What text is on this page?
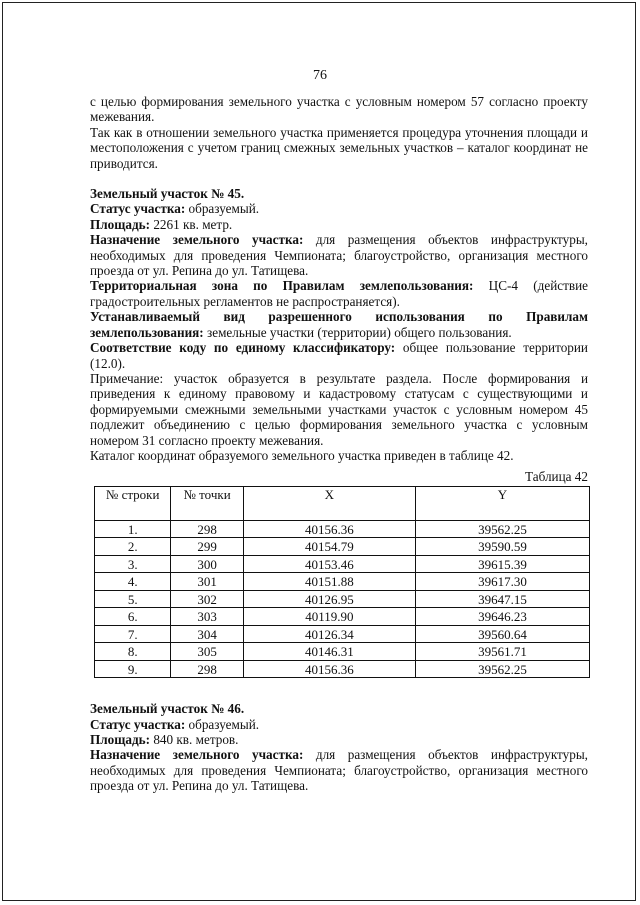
76

с целью формирования земельного участка с условным номером 57 согласно проекту межевания.

Так как в отношении земельного участка применяется процедура уточнения площади и местоположения с учетом границ смежных земельных участков – каталог координат не приводится.

Земельный участок № 45.

Статус участка: образуемый.

Площадь: 2261 кв. метр.

Назначение земельного участка: для размещения объектов инфраструктуры, необходимых для проведения Чемпионата; благоустройство, организация местного проезда от ул. Репина до ул. Татищева.

Территориальная зона по Правилам землепользования: ЦС-4 (действие градостроительных регламентов не распространяется).

Устанавливаемый вид разрешенного использования по Правилам землепользования: земельные участки (территории) общего пользования.

Соответствие коду по единому классификатору: общее пользование территории (12.0).

Примечание: участок образуется в результате раздела. После формирования и приведения к единому правовому и кадастровому статусам с существующими и формируемыми смежными земельными участками участок с условным номером 45 подлежит объединению с целью формирования земельного участка с условным номером 31 согласно проекту межевания.

Каталог координат образуемого земельного участка приведен в таблице 42.

Таблица 42

№ строки	№ точки	X	Y
1.	298	40156.36	39562.25
2.	299	40154.79	39590.59
3.	300	40153.46	39615.39
4.	301	40151.88	39617.30
5.	302	40126.95	39647.15
6.	303	40119.90	39646.23
7.	304	40126.34	39560.64
8.	305	40146.31	39561.71
9.	298	40156.36	39562.25

Земельный участок № 46.

Статус участка: образуемый.

Площадь: 840 кв. метров.

Назначение земельного участка: для размещения объектов инфраструктуры, необходимых для проведения Чемпионата; благоустройство, организация местного проезда от ул. Репина до ул. Татищева.
